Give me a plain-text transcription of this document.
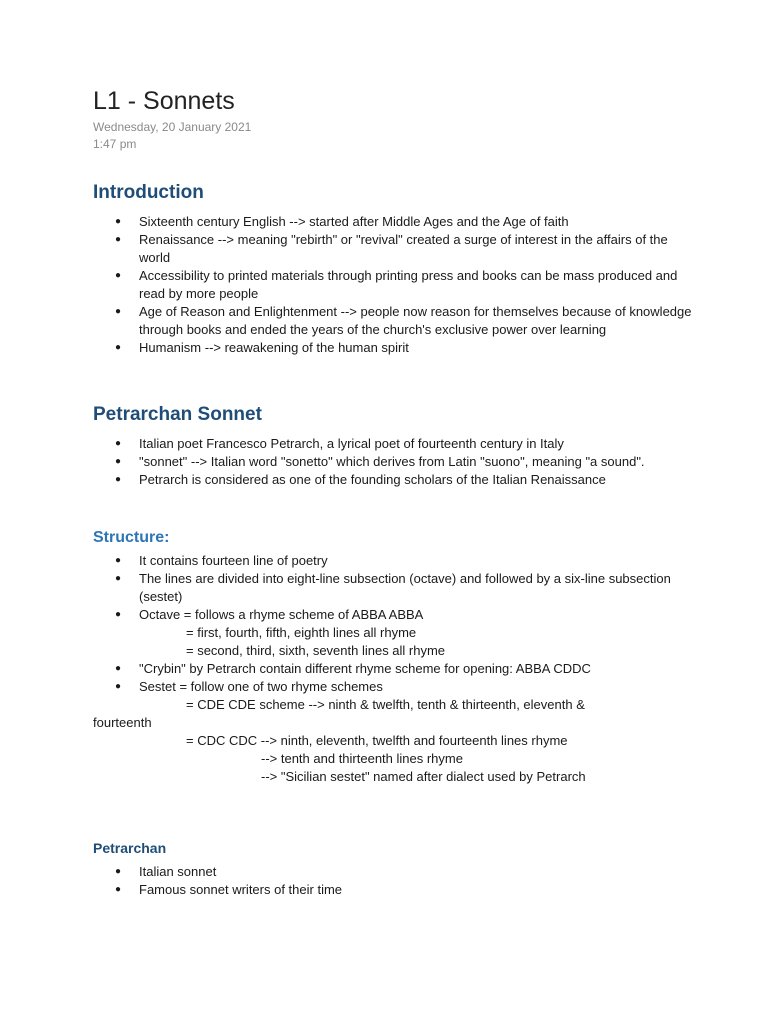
L1 - Sonnets
Wednesday, 20 January 2021
1:47 pm
Introduction
● Sixteenth century English --> started after Middle Ages and the Age of faith
● Renaissance --> meaning "rebirth" or "revival" created a surge of interest in the affairs of the world
● Accessibility to printed materials through printing press and books can be mass produced and read by more people
● Age of Reason and Enlightenment --> people now reason for themselves because of knowledge through books and ended the years of the church's exclusive power over learning
● Humanism --> reawakening of the human spirit
Petrarchan Sonnet
● Italian poet Francesco Petrarch, a lyrical poet of fourteenth century in Italy
● "sonnet" --> Italian word "sonetto" which derives from Latin "suono", meaning "a sound".
● Petrarch is considered as one of the founding scholars of the Italian Renaissance
Structure:
● It contains fourteen line of poetry
● The lines are divided into eight-line subsection (octave) and followed by a six-line subsection (sestet)
● Octave = follows a rhyme scheme of ABBA ABBA
= first, fourth, fifth, eighth lines all rhyme
= second, third, sixth, seventh lines all rhyme
● "Crybin" by Petrarch contain different rhyme scheme for opening: ABBA CDDC
● Sestet = follow one of two rhyme schemes
= CDE CDE scheme --> ninth & twelfth, tenth & thirteenth, eleventh &
fourteenth
= CDC CDC --> ninth, eleventh, twelfth and fourteenth lines rhyme
--> tenth and thirteenth lines rhyme
--> "Sicilian sestet" named after dialect used by Petrarch
Petrarchan
● Italian sonnet
● Famous sonnet writers of their time
